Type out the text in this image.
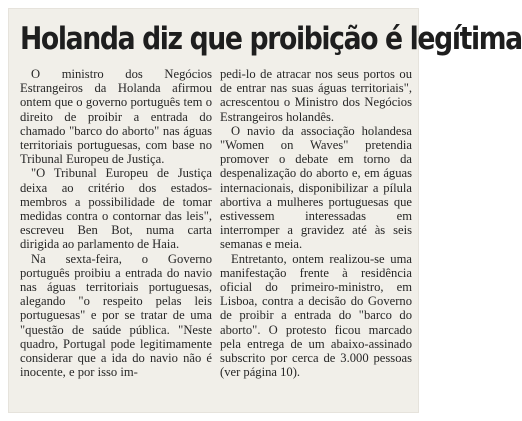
Holanda diz que proibição é legítima

O ministro dos Negócios Estrangeiros da Holanda afirmou ontem que o governo português tem o direito de proibir a entrada do chamado "barco do aborto" nas águas territoriais portuguesas, com base no Tribunal Europeu de Justiça.

"O Tribunal Europeu de Justiça deixa ao critério dos estados-membros a possibilidade de tomar medidas contra o contornar das leis", escreveu Ben Bot, numa carta dirigida ao parlamento de Haia.

Na sexta-feira, o Governo português proibiu a entrada do navio nas águas territoriais portuguesas, alegando "o respeito pelas leis portuguesas" e por se tratar de uma "questão de saúde pública. "Neste quadro, Portugal pode legitimamente considerar que a ida do navio não é inocente, e por isso im-

pedi-lo de atracar nos seus portos ou de entrar nas suas águas territoriais", acrescentou o Ministro dos Negócios Estrangeiros holandês.

O navio da associação holandesa "Women on Waves" pretendia promover o debate em torno da despenalização do aborto e, em águas internacionais, disponibilizar a pílula abortiva a mulheres portuguesas que estivessem interessadas em interromper a gravidez até às seis semanas e meia.

Entretanto, ontem realizou-se uma manifestação frente à residência oficial do primeiro-ministro, em Lisboa, contra a decisão do Governo de proibir a entrada do "barco do aborto". O protesto ficou marcado pela entrega de um abaixo-assinado subscrito por cerca de 3.000 pessoas (ver página 10).
